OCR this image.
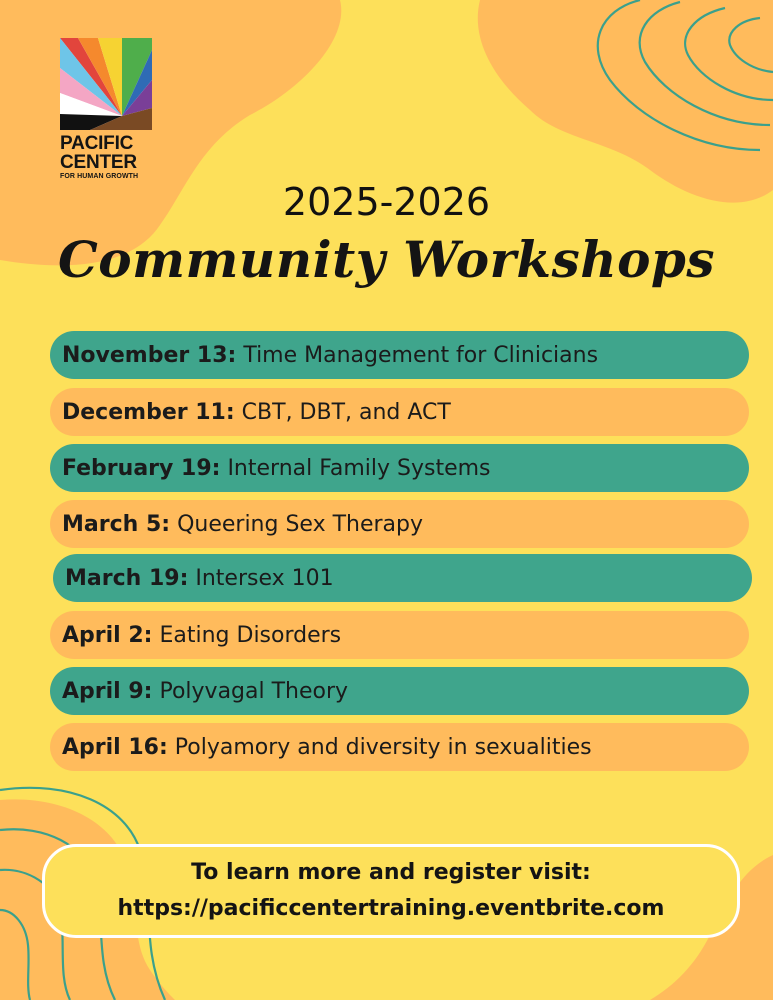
PACIFIC
CENTER
FOR HUMAN GROWTH
2025-2026
Community Workshops
November 13:
Time Management for Clinicians
December 11:
CBT, DBT, and ACT
February 19:
Internal Family Systems
March 5:
Queering Sex Therapy
March 19:
Intersex 101
April 2:
Eating Disorders
April 9:
Polyvagal Theory
April 16:
Polyamory and diversity in sexualities
To learn more and register visit:
https://pacificcentertraining.eventbrite.com
